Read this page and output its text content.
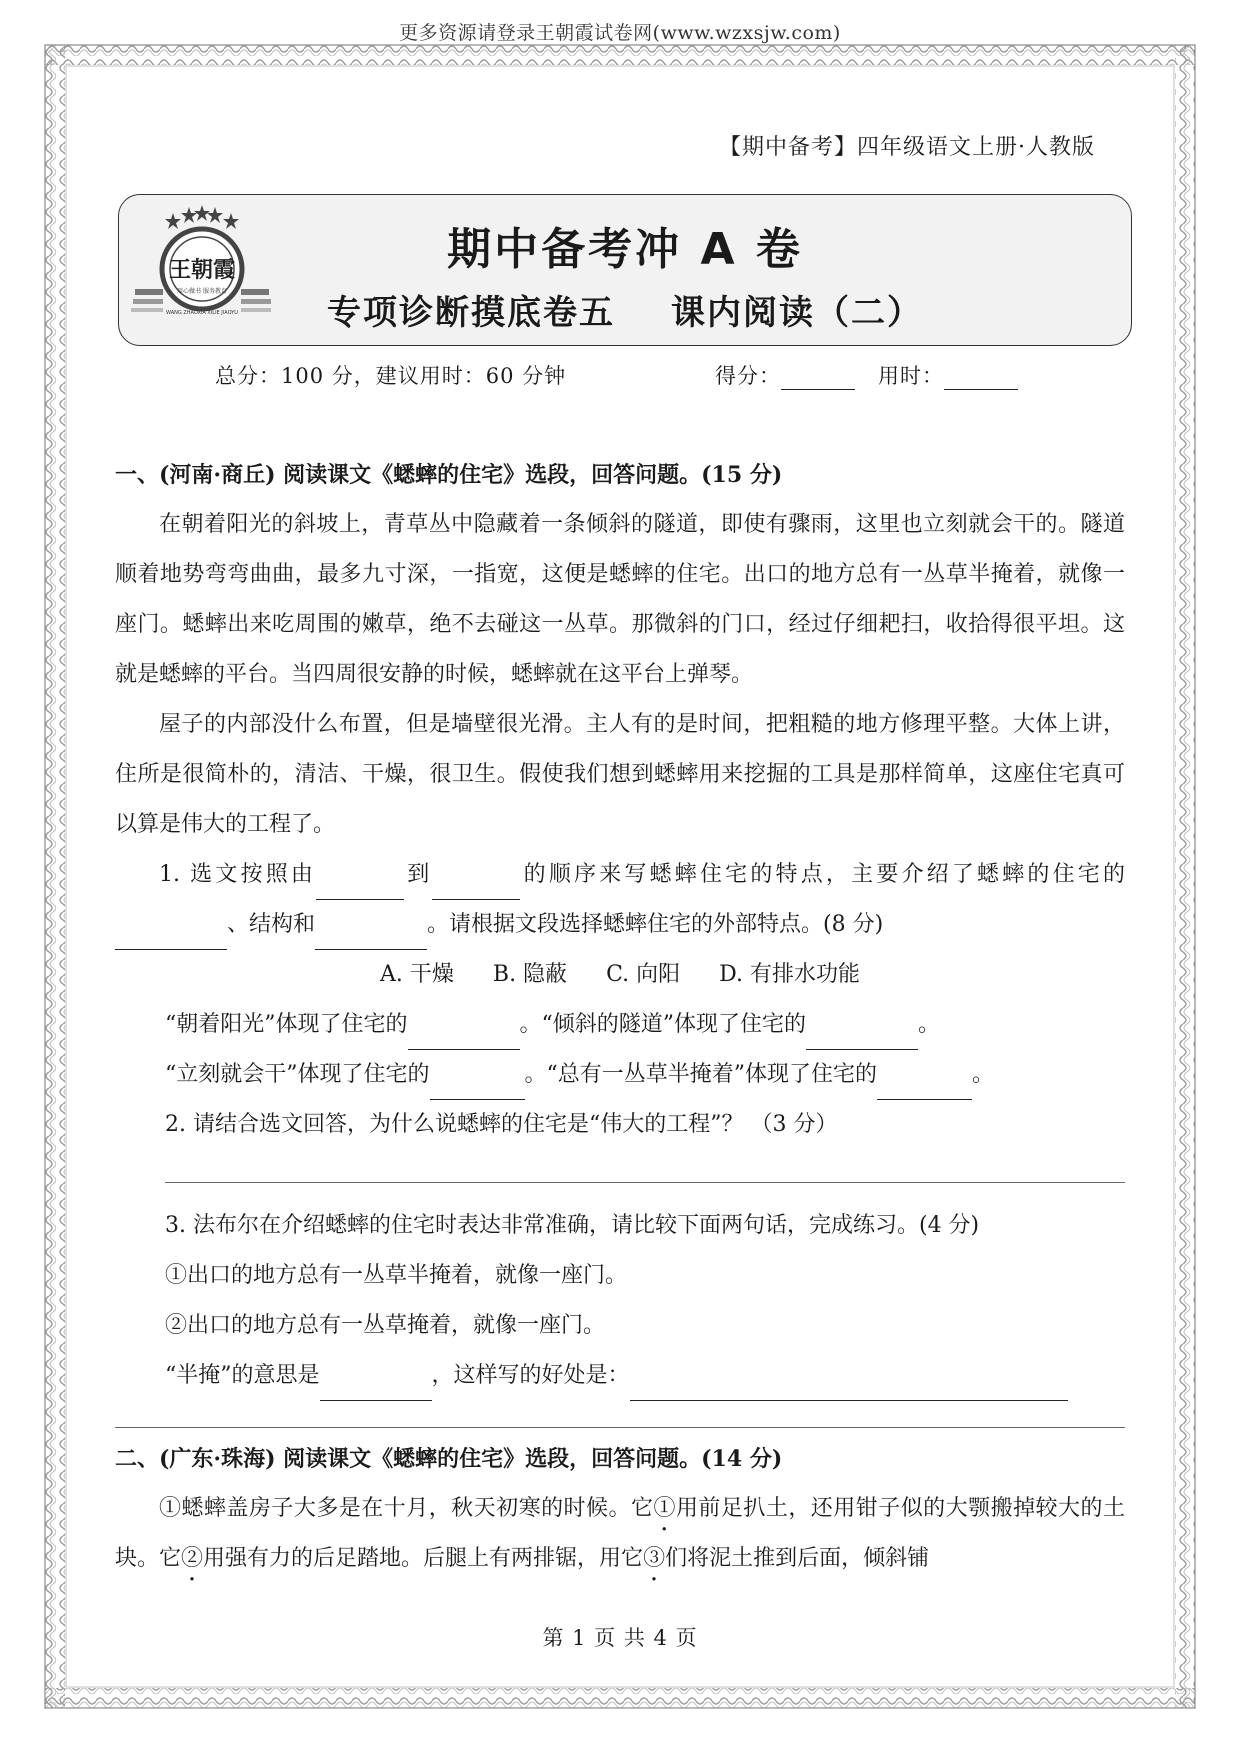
更多资源请登录王朝霞试卷网(www.wzxsjw.com)
【期中备考】四年级语文上册·人教版
王朝霞
用心做书 服务教育
WANG ZHAOXIA XILIE JIAOYU
期中备考冲 A 卷
专项诊断摸底卷五 课内阅读（二）
总分：100 分，建议用时：60 分钟	得分：	用时：
一、(河南·商丘) 阅读课文《蟋蟀的住宅》选段，回答问题。(15 分)
在朝着阳光的斜坡上，青草丛中隐藏着一条倾斜的隧道，即使有骤雨，这里也立刻就会干的。隧道顺着地势弯弯曲曲，最多九寸深，一指宽，这便是蟋蟀的住宅。出口的地方总有一丛草半掩着，就像一座门。蟋蟀出来吃周围的嫩草，绝不去碰这一丛草。那微斜的门口，经过仔细耙扫，收拾得很平坦。这就是蟋蟀的平台。当四周很安静的时候，蟋蟀就在这平台上弹琴。
屋子的内部没什么布置，但是墙壁很光滑。主人有的是时间，把粗糙的地方修理平整。大体上讲，住所是很简朴的，清洁、干燥，很卫生。假使我们想到蟋蟀用来挖掘的工具是那样简单，这座住宅真可以算是伟大的工程了。
1. 选文按照由	到	的顺序来写蟋蟀住宅的特点，主要介绍了蟋蟀的住宅的、结构和	。请根据文段选择蟋蟀住宅的外部特点。(8 分)
A. 干燥 B. 隐蔽 C. 向阳 D. 有排水功能
“朝着阳光”体现了住宅的	。“倾斜的隧道”体现了住宅的	。
“立刻就会干”体现了住宅的	。“总有一丛草半掩着”体现了住宅的	。
2. 请结合选文回答，为什么说蟋蟀的住宅是“伟大的工程”？ （3 分）
3. 法布尔在介绍蟋蟀的住宅时表达非常准确，请比较下面两句话，完成练习。(4 分)
①出口的地方总有一丛草半掩着，就像一座门。
②出口的地方总有一丛草掩着，就像一座门。
“半掩”的意思是	，这样写的好处是：
二、(广东·珠海) 阅读课文《蟋蟀的住宅》选段，回答问题。(14 分)
①蟋蟀盖房子大多是在十月，秋天初寒的时候。它①用前足扒土，还用钳子似的大颚搬掉较大的土块。它②用强有力的后足踏地。后腿上有两排锯，用它③们将泥土推到后面，倾斜铺
第 1 页 共 4 页
